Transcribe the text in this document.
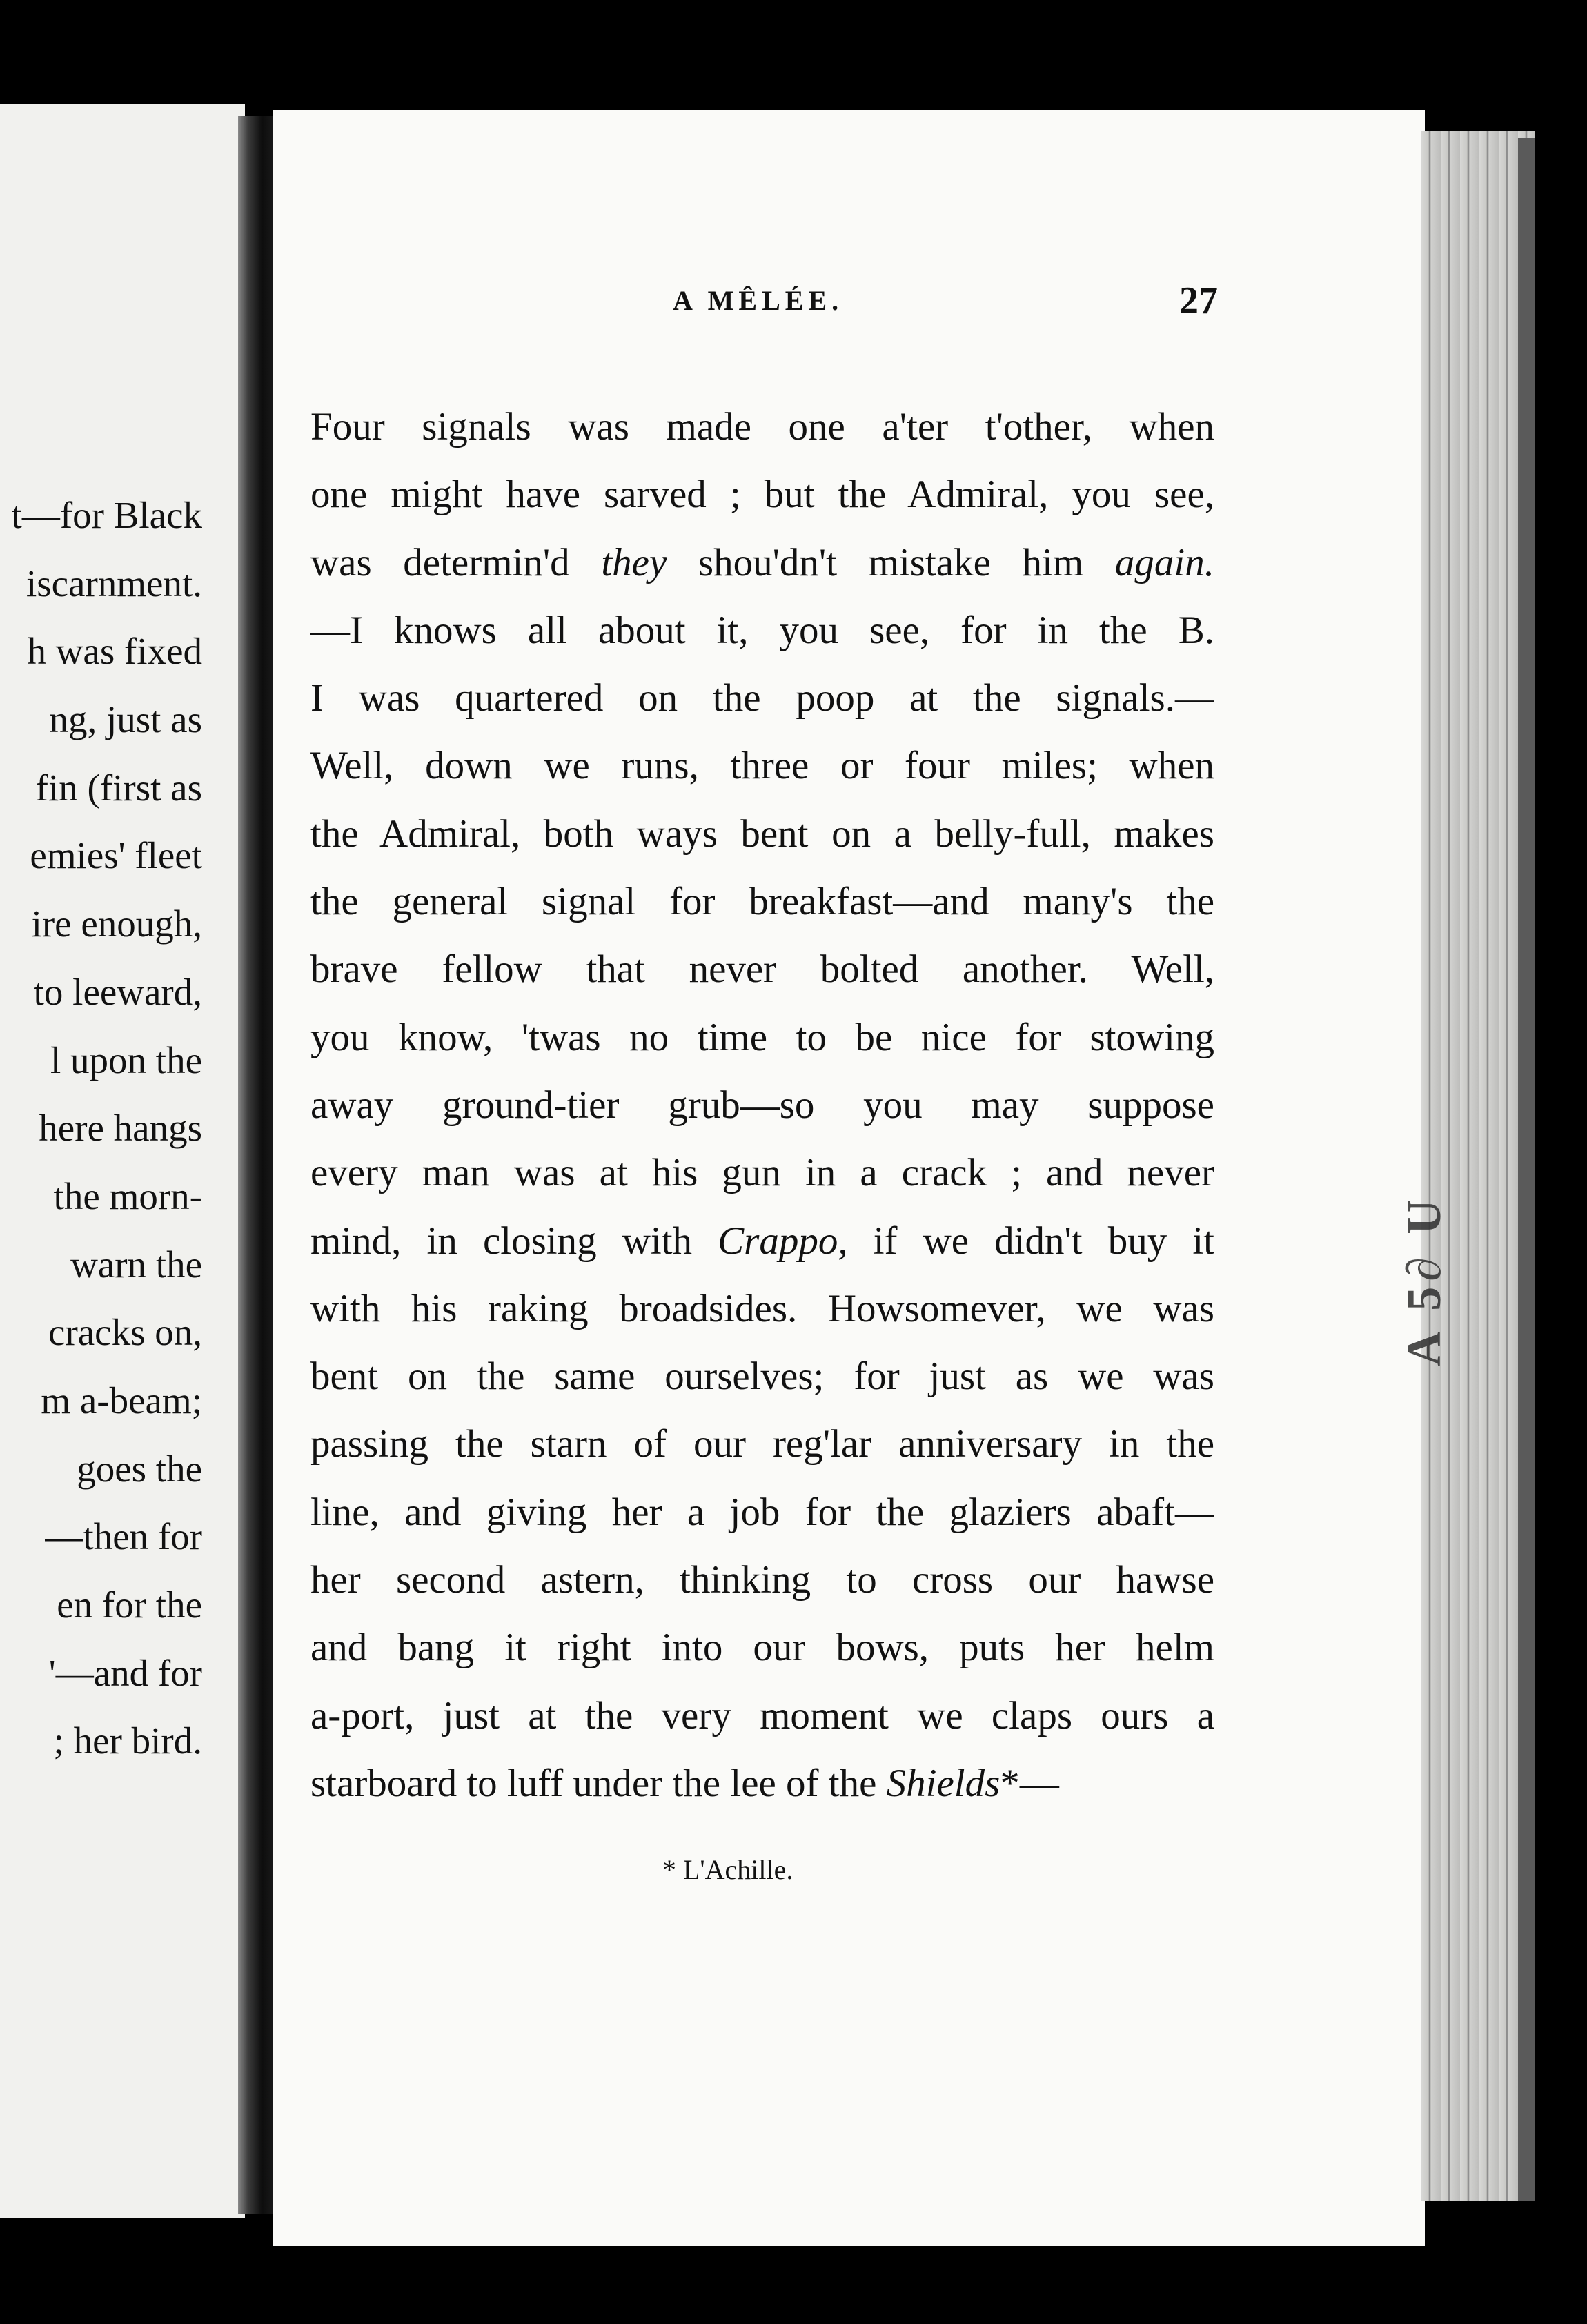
t—for Black
iscarnment.
h was fixed
ng, just as
fin (first as
emies' fleet
ire enough,
to leeward,
l upon the
here hangs
the morn-
warn the
cracks on,
m a-beam;
goes the
—then for
en for the
'—and for
; her bird.
A 5∂ U
A MÊLÉE.	27
Four signals was made one a'ter t'other, when
one might have sarved ; but the Admiral, you see,
was determin'd they shou'dn't mistake him again.
—I knows all about it, you see, for in the B.
I was quartered on the poop at the signals.—
Well, down we runs, three or four miles; when
the Admiral, both ways bent on a belly-full, makes
the general signal for breakfast—and many's the
brave fellow that never bolted another. Well,
you know, 'twas no time to be nice for stowing
away ground-tier grub—so you may suppose
every man was at his gun in a crack ; and never
mind, in closing with Crappo, if we didn't buy it
with his raking broadsides. Howsomever, we was
bent on the same ourselves; for just as we was
passing the starn of our reg'lar anniversary in the
line, and giving her a job for the glaziers abaft—
her second astern, thinking to cross our hawse
and bang it right into our bows, puts her helm
a-port, just at the very moment we claps ours a
starboard to luff under the lee of the Shields*—
* L'Achille.
